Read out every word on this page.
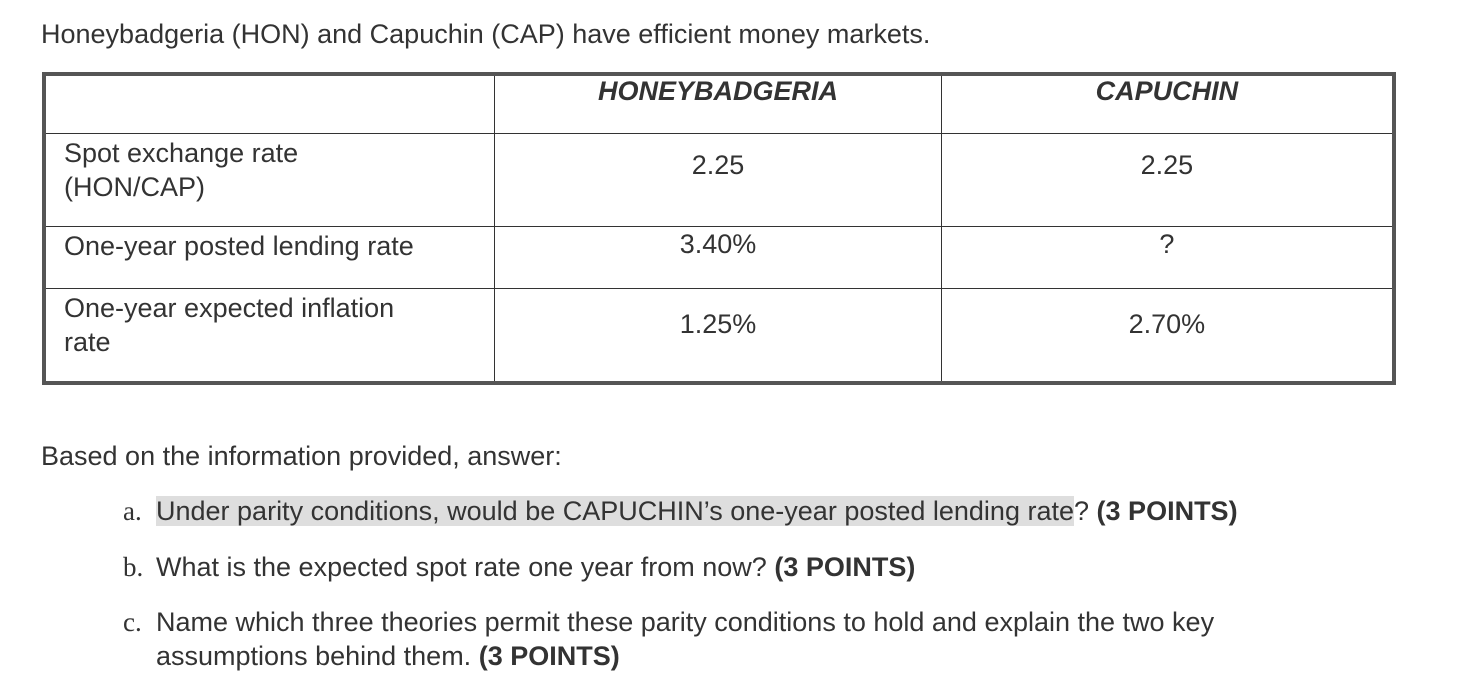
Honeybadgeria (HON) and Capuchin (CAP) have efficient money markets.
	HONEYBADGERIA	CAPUCHIN
Spot exchange rate
(HON/CAP)	2.25	2.25
One-year posted lending rate	3.40%	?
One-year expected inflation
rate	1.25%	2.70%
Based on the information provided, answer:
a. Under parity conditions, would be CAPUCHIN’s one-year posted lending rate? (3 POINTS)
b. What is the expected spot rate one year from now? (3 POINTS)
c. Name which three theories permit these parity conditions to hold and explain the two key
assumptions behind them. (3 POINTS)
